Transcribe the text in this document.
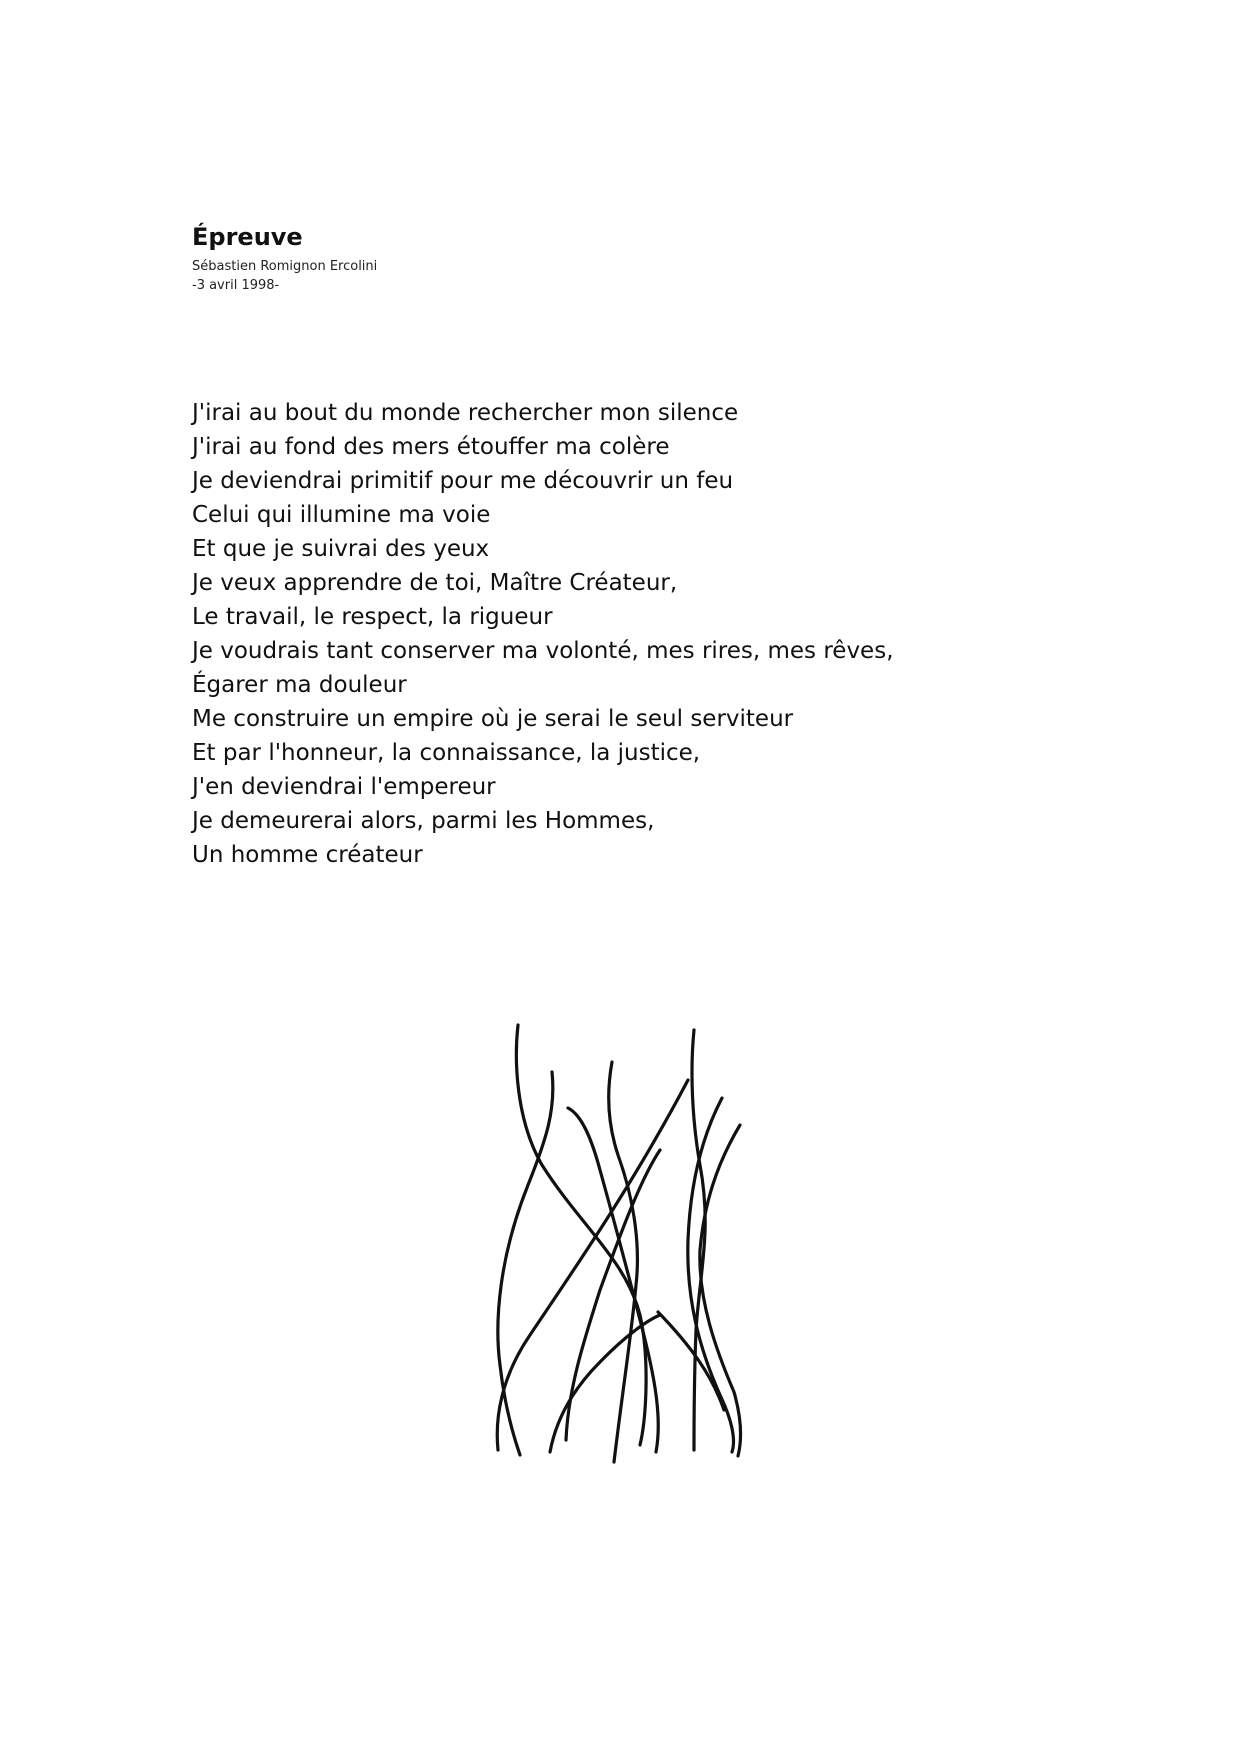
Épreuve

Sébastien Romignon Ercolini

-3 avril 1998-

J'irai au bout du monde rechercher mon silence
J'irai au fond des mers étouffer ma colère
Je deviendrai primitif pour me découvrir un feu
Celui qui illumine ma voie
Et que je suivrai des yeux
Je veux apprendre de toi, Maître Créateur,
Le travail, le respect, la rigueur
Je voudrais tant conserver ma volonté, mes rires, mes rêves,
Égarer ma douleur
Me construire un empire où je serai le seul serviteur
Et par l'honneur, la connaissance, la justice,
J'en deviendrai l'empereur
Je demeurerai alors, parmi les Hommes,
Un homme créateur
